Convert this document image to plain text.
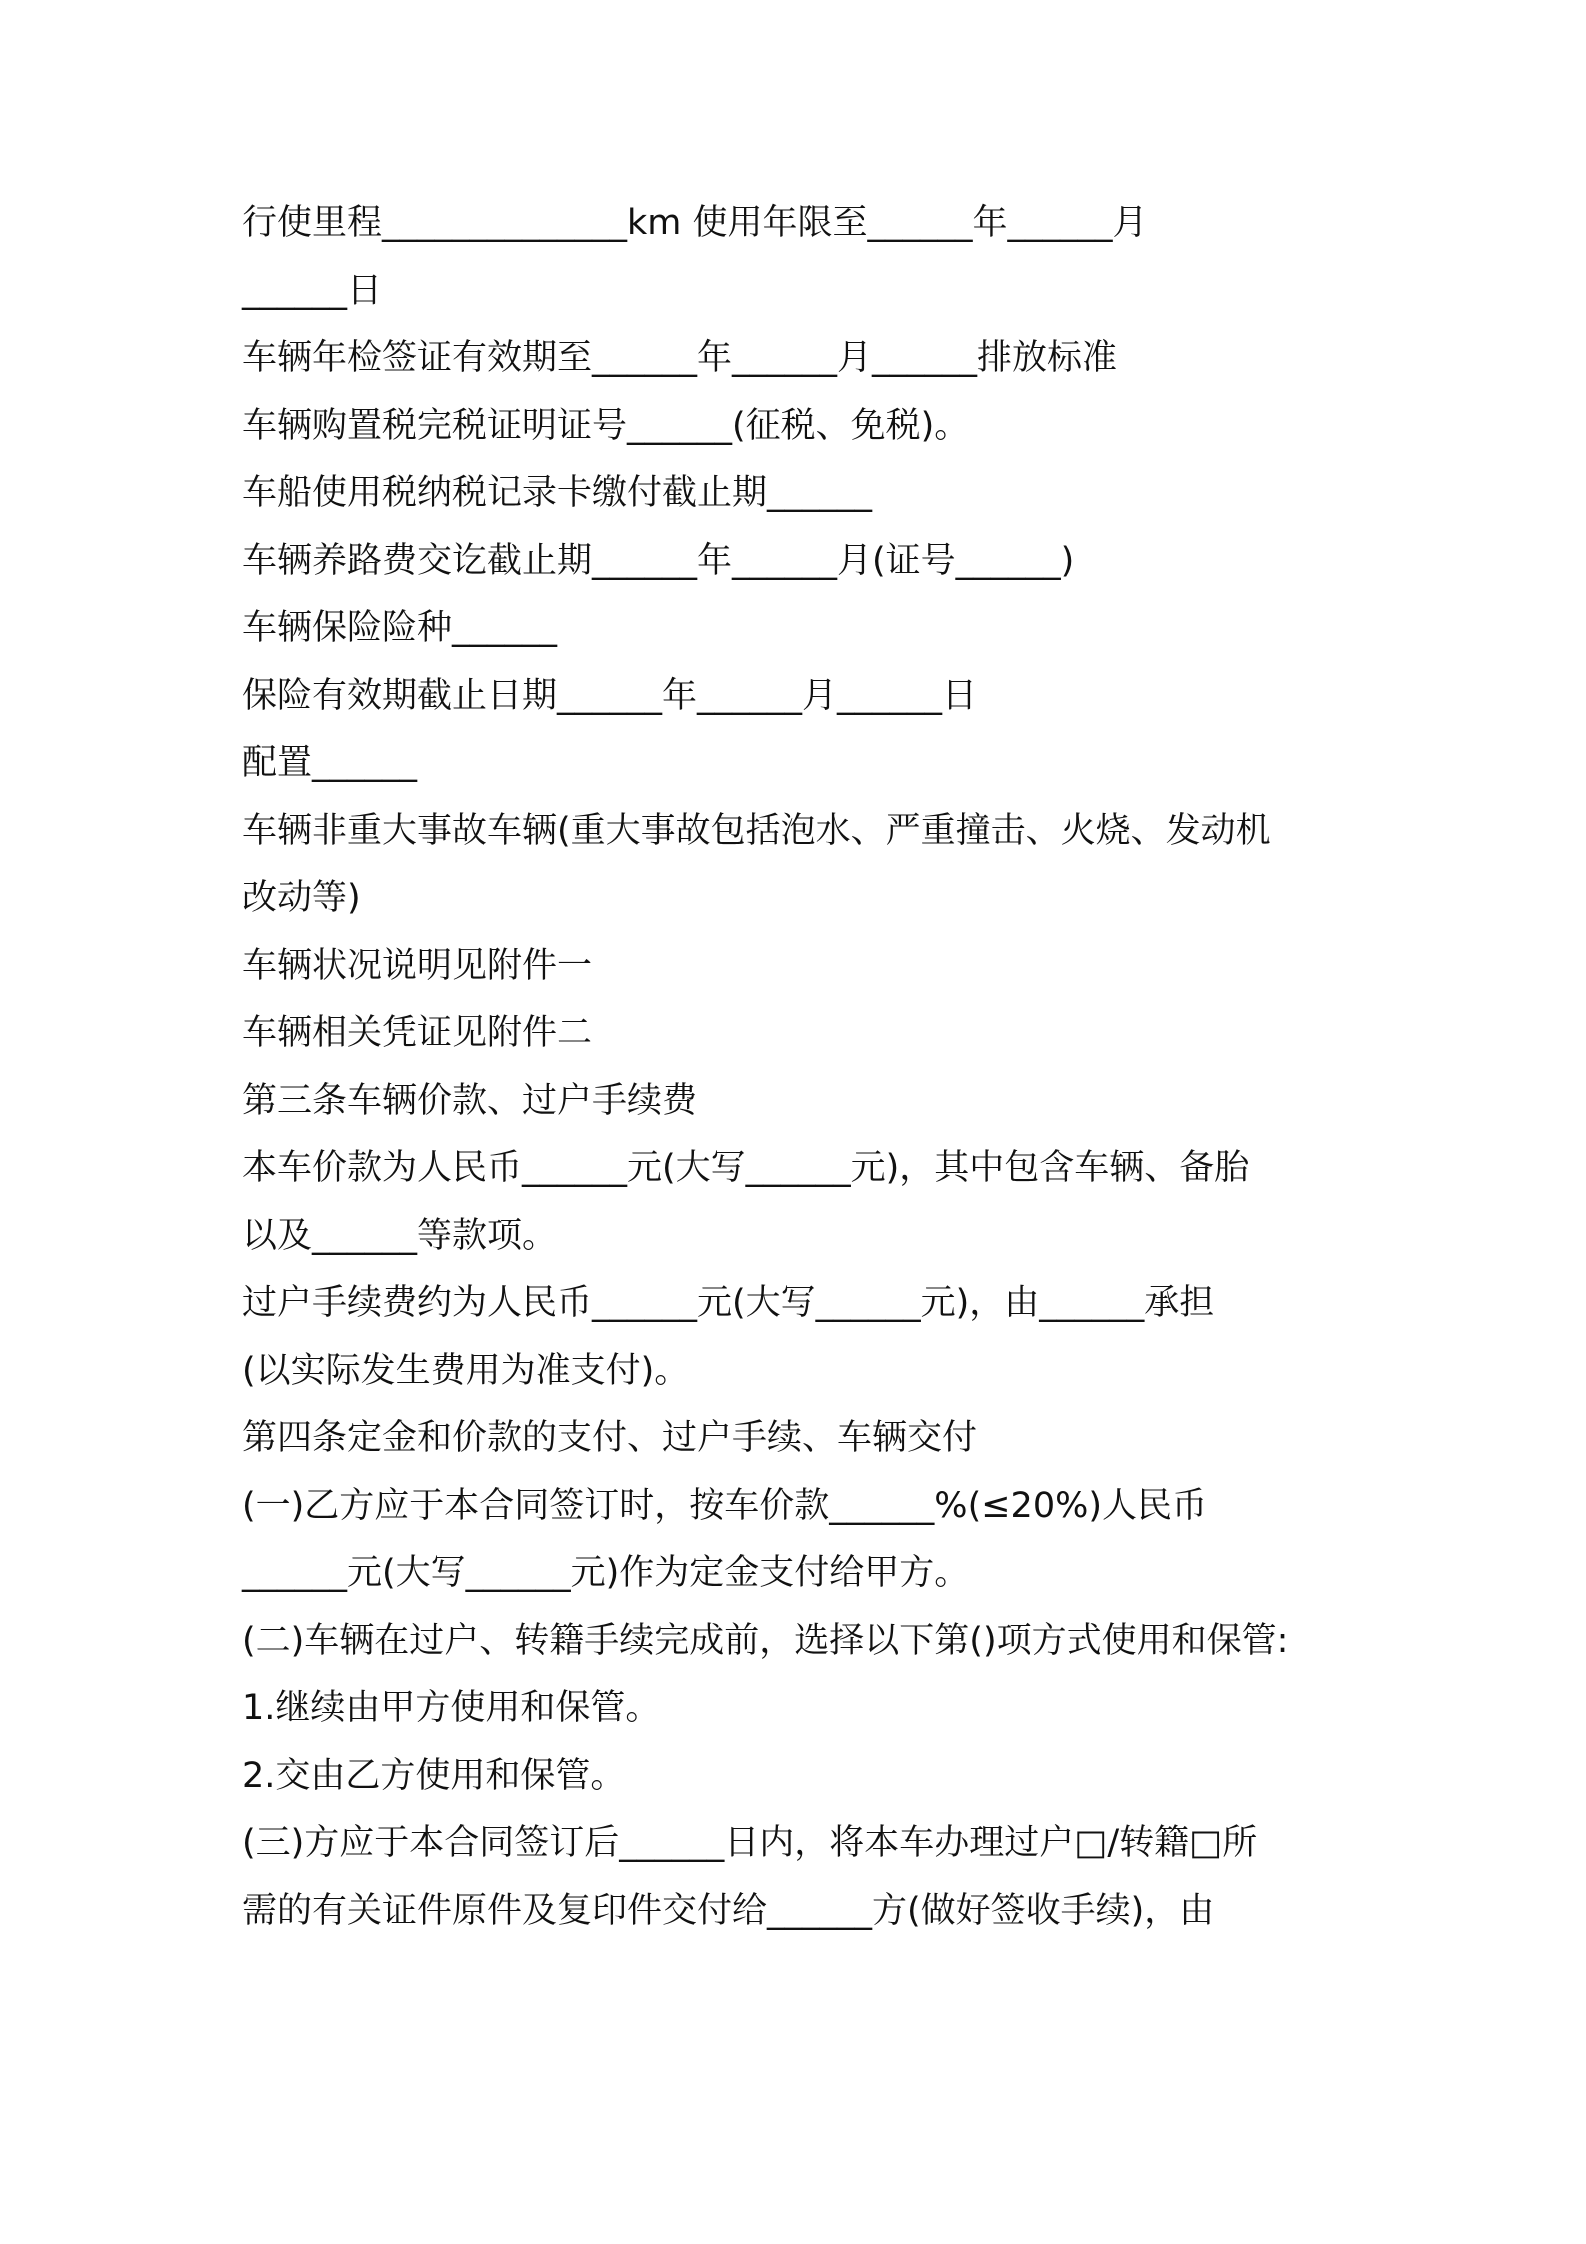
行使里程______________km 使用年限至______年______月
______日
车辆年检签证有效期至______年______月______排放标准
车辆购置税完税证明证号______(征税、免税)。
车船使用税纳税记录卡缴付截止期______
车辆养路费交讫截止期______年______月(证号______)
车辆保险险种______
保险有效期截止日期______年______月______日
配置______
车辆非重大事故车辆(重大事故包括泡水、严重撞击、火烧、发动机
改动等)
车辆状况说明见附件一
车辆相关凭证见附件二
第三条车辆价款、过户手续费
本车价款为人民币______元(大写______元)，其中包含车辆、备胎
以及______等款项。
过户手续费约为人民币______元(大写______元)，由______承担
(以实际发生费用为准支付)。
第四条定金和价款的支付、过户手续、车辆交付
(一)乙方应于本合同签订时，按车价款______%(≤20%)人民币
______元(大写______元)作为定金支付给甲方。
(二)车辆在过户、转籍手续完成前，选择以下第()项方式使用和保管:
1.继续由甲方使用和保管。
2.交由乙方使用和保管。
(三)方应于本合同签订后______日内，将本车办理过户□/转籍□所
需的有关证件原件及复印件交付给______方(做好签收手续)，由
